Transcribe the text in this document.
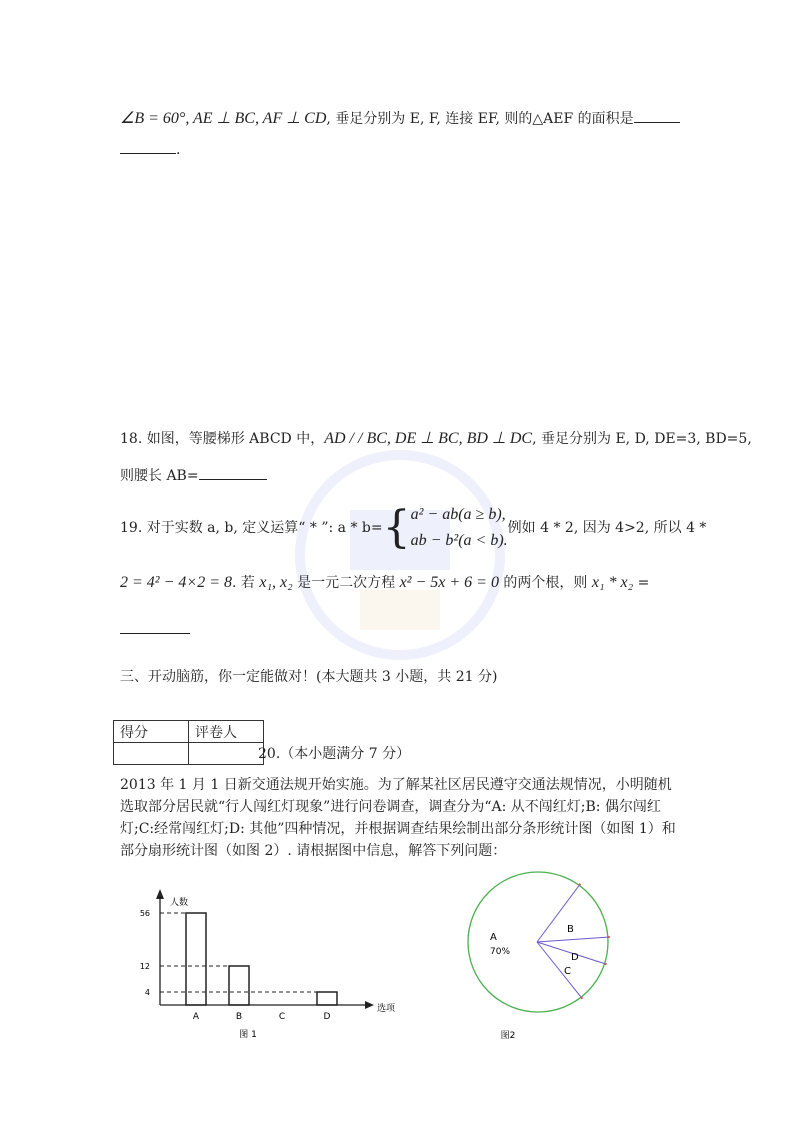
∠B = 60°, AE ⊥ BC, AF ⊥ CD, 垂足分别为 E, F, 连接 EF, 则的△AEF 的面积是
.
18. 如图，等腰梯形 ABCD 中，AD / / BC, DE ⊥ BC, BD ⊥ DC, 垂足分别为 E, D, DE=3, BD=5,
则腰长 AB=
19. 对于实数 a, b, 定义运算“ * ”: a * b={a² − ab(a ≥ b),
ab − b²(a < b).例如 4 * 2, 因为 4>2, 所以 4 *
2 = 4² − 4×2 = 8. 若 x₁, x₂ 是一元二次方程 x² − 5x + 6 = 0 的两个根，则 x₁ * x₂ =
三、开动脑筋，你一定能做对！(本大题共 3 小题，共 21 分)
得分	评卷人

20.（本小题满分 7 分）
2013 年 1 月 1 日新交通法规开始实施。为了解某社区居民遵守交通法规情况，小明随机选取部分居民就“行人闯红灯现象”进行问卷调查，调查分为“A: 从不闯红灯;B: 偶尔闯红灯;C:经常闯红灯;D: 其他”四种情况，并根据调查结果绘制出部分条形统计图（如图 1）和部分扇形统计图（如图 2）. 请根据图中信息，解答下列问题：
人数
选项
A	B	C	D
4
12
56
图 1
A
70%
B
C
D
图2
